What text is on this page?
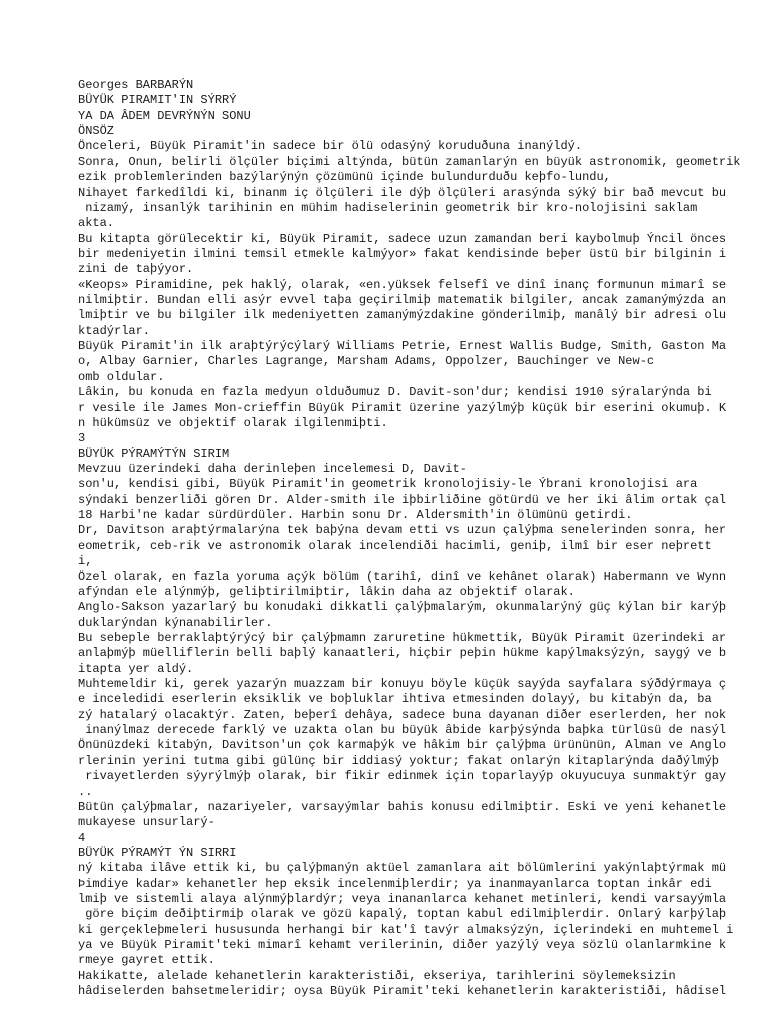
Georges BARBARÝN
BÜYÜK PIRAMIT'IN SÝRRÝ
YA DA ÂDEM DEVRÝNÝN SONU
ÖNSÖZ
Önceleri, Büyük Piramit'in sadece bir ölü odasýný koruduðuna inanýldý.
Sonra, Onun, belirli ölçüler biçimi altýnda, bütün zamanlarýn en büyük astronomik, geometrik
ezik problemlerinden bazýlarýnýn çözümünü içinde bulundurduðu keþfo-lundu,
Nihayet farkedîldi ki, binanm iç ölçüleri ile dýþ ölçüleri arasýnda sýký bir bað mevcut bu
nizamý, insanlýk tarihinin en mühim hadiselerinin geometrik bir kro-nolojisini saklam
akta.
Bu kitapta görülecektir ki, Büyük Piramit, sadece uzun zamandan beri kaybolmuþ Ýncil önces
bir medeniyetin ilmini temsil etmekle kalmýyor» fakat kendisinde beþer üstü bir bilginin i
zini de taþýyor.
«Keops» Piramidine, pek haklý, olarak, «en.yüksek felsefî ve dinî inanç formunun mimarî se
nilmiþtir. Bundan elli asýr evvel taþa geçirilmiþ matematik bilgiler, ancak zamanýmýzda an
lmiþtir ve bu bilgiler ilk medeniyetten zamanýmýzdakine gönderilmiþ, manâlý bir adresi olu
ktadýrlar.
Büyük Piramit'in ilk araþtýrýcýlarý Williams Petrie, Ernest Wallis Budge, Smith, Gaston Ma
o, Albay Garnier, Charles Lagrange, Marsham Adams, Oppolzer, Bauchinger ve New-c
omb oldular.
Lâkin, bu konuda en fazla medyun olduðumuz D. Davit-son'dur; kendisi 1910 sýralarýnda bi
r vesile ile James Mon-crieffin Büyük Piramit üzerine yazýlmýþ küçük bir eserini okumuþ. K
n hükümsüz ve objektif olarak ilgilenmiþti.
3
BÜYÜK PÝRAMÝTÝN SIRIM
Mevzuu üzerindeki daha derinleþen incelemesi D, Davit-
son'u, kendisi gibi, Büyük Piramit'in geometrik kronolojisiy-le Ýbrani kronolojisi ara
sýndaki benzerliði gören Dr. Alder-smith ile iþbirliðine götürdü ve her iki âlim ortak çal
18 Harbi'ne kadar sürdürdüler. Harbin sonu Dr. Aldersmith'in ölümünü getirdi.
Dr, Davitson araþtýrmalarýna tek baþýna devam etti vs uzun çalýþma senelerinden sonra, her
eometrik, ceb-rik ve astronomik olarak incelendiði hacimli, geniþ, ilmî bir eser neþrett
i,
Özel olarak, en fazla yoruma açýk bölüm (tarihî, dinî ve kehânet olarak) Habermann ve Wynn
afýndan ele alýnmýþ, geliþtirilmiþtir, lâkin daha az objektif olarak.
Anglo-Sakson yazarlarý bu konudaki dikkatli çalýþmalarým, okunmalarýný güç kýlan bir karýþ
duklarýndan kýnanabilirler.
Bu sebeple berraklaþtýrýcý bir çalýþmamn zaruretine hükmettik, Büyük Piramit üzerindeki ar
anlaþmýþ müelliflerin belli baþlý kanaatleri, hiçbir peþin hükme kapýlmaksýzýn, saygý ve b
itapta yer aldý.
Muhtemeldir ki, gerek yazarýn muazzam bir konuyu böyle küçük sayýda sayfalara sýðdýrmaya ç
e inceledidi eserlerin eksiklik ve boþluklar ihtiva etmesinden dolayý, bu kitabýn da, ba
zý hatalarý olacaktýr. Zaten, beþerî dehâya, sadece buna dayanan diðer eserlerden, her nok
inanýlmaz derecede farklý ve uzakta olan bu büyük âbide karþýsýnda baþka türlüsü de nasýl
Önünüzdeki kitabýn, Davitson'un çok karmaþýk ve hâkim bir çalýþma ürününün, Alman ve Anglo
rlerinin yerini tutma gibi gülünç bir iddiasý yoktur; fakat onlarýn kitaplarýnda daðýlmýþ
rivayetlerden sýyrýlmýþ olarak, bir fikir edinmek için toparlayýp okuyucuya sunmaktýr gay
..
Bütün çalýþmalar, nazariyeler, varsayýmlar bahis konusu edilmiþtir. Eski ve yeni kehanetle
mukayese unsurlarý-
4
BÜYÜK PÝRAMÝT ÝN SIRRI
ný kitaba ilâve ettik ki, bu çalýþmanýn aktüel zamanlara ait bölümlerini yakýnlaþtýrmak mü
Þimdiye kadar» kehanetler hep eksik incelenmiþlerdir; ya inanmayanlarca toptan inkâr edi
lmiþ ve sistemli alaya alýnmýþlardýr; veya inananlarca kehanet metinleri, kendi varsayýmla
göre biçim deðiþtirmiþ olarak ve gözü kapalý, toptan kabul edilmiþlerdir. Onlarý karþýlaþ
ki gerçekleþmeleri hususunda herhangi bir kat'î tavýr almaksýzýn, içlerindeki en muhtemel i
ya ve Büyük Piramit'teki mimarî kehamt verilerinin, diðer yazýlý veya sözlü olanlarmkine k
rmeye gayret ettik.
Hakikatte, alelade kehanetlerin karakteristiði, ekseriya, tarihlerini söylemeksizin
hâdiselerden bahsetmeleridir; oysa Büyük Piramit'teki kehanetlerin karakteristiði, hâdisel
